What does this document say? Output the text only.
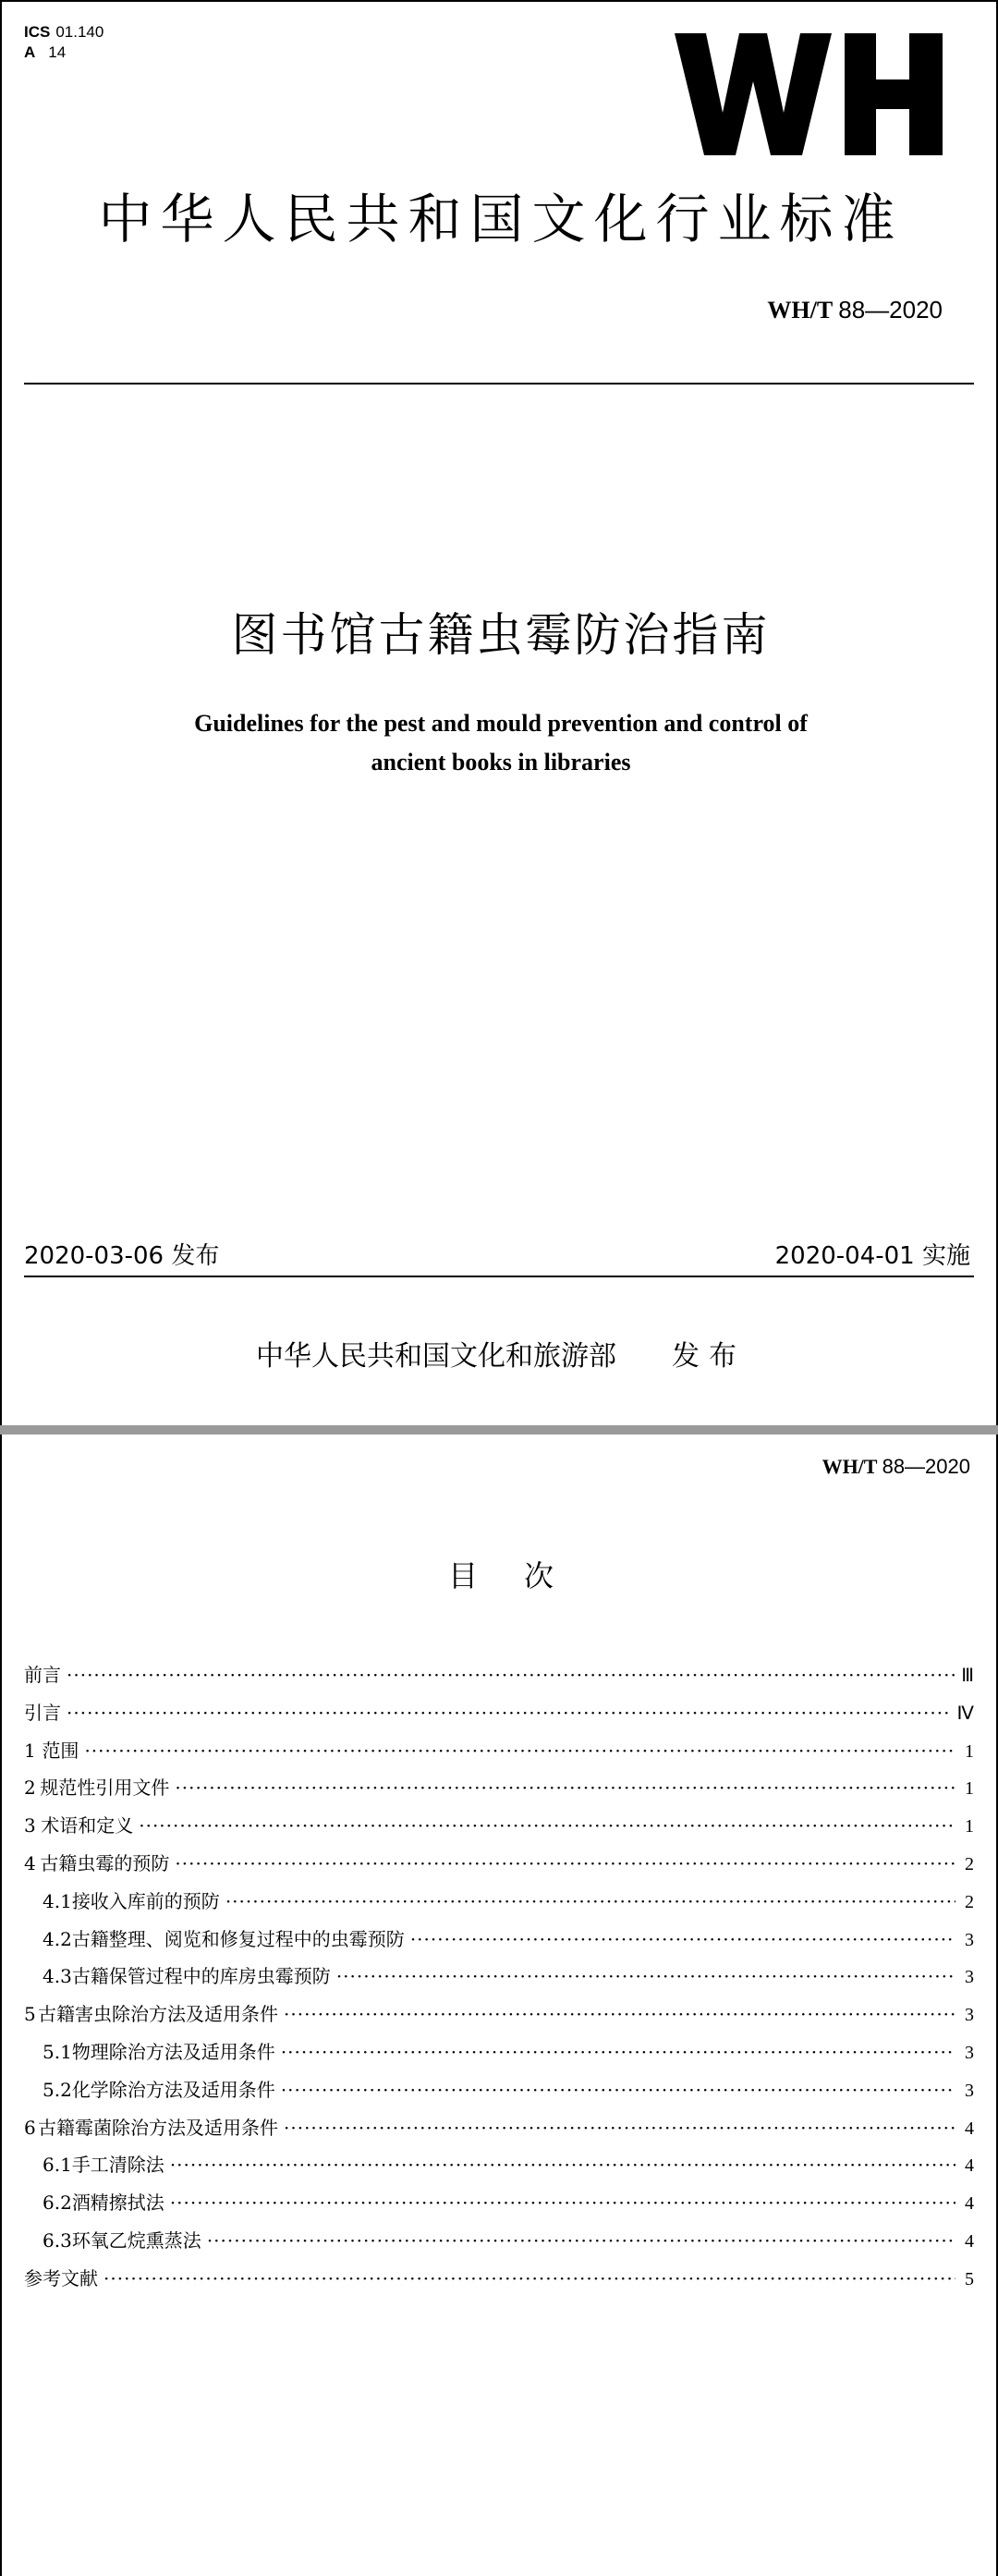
ICS 01.140
A 14
中华人民共和国文化行业标准
WH/T 88—2020
图书馆古籍虫霉防治指南
Guidelines for the pest and mould prevention and control of
ancient books in libraries
2020-03-06 发布	2020-04-01 实施
中华人民共和国文化和旅游部 发布
WH/T 88—2020
目次
前言 ·····	Ⅲ
引言 ·····	Ⅳ
1 范围 ·····	1
2 规范性引用文件 ·····	1
3 术语和定义 ·····	1
4 古籍虫霉的预防 ·····	2
4.1 接收入库前的预防 ·····	2
4.2 古籍整理、阅览和修复过程中的虫霉预防 ·····	3
4.3 古籍保管过程中的库房虫霉预防 ·····	3
5 古籍害虫除治方法及适用条件 ·····	3
5.1 物理除治方法及适用条件 ·····	3
5.2 化学除治方法及适用条件 ·····	3
6 古籍霉菌除治方法及适用条件 ·····	4
6.1 手工清除法 ·····	4
6.2 酒精擦拭法 ·····	4
6.3 环氧乙烷熏蒸法 ·····	4
参考文献 ·····	5
